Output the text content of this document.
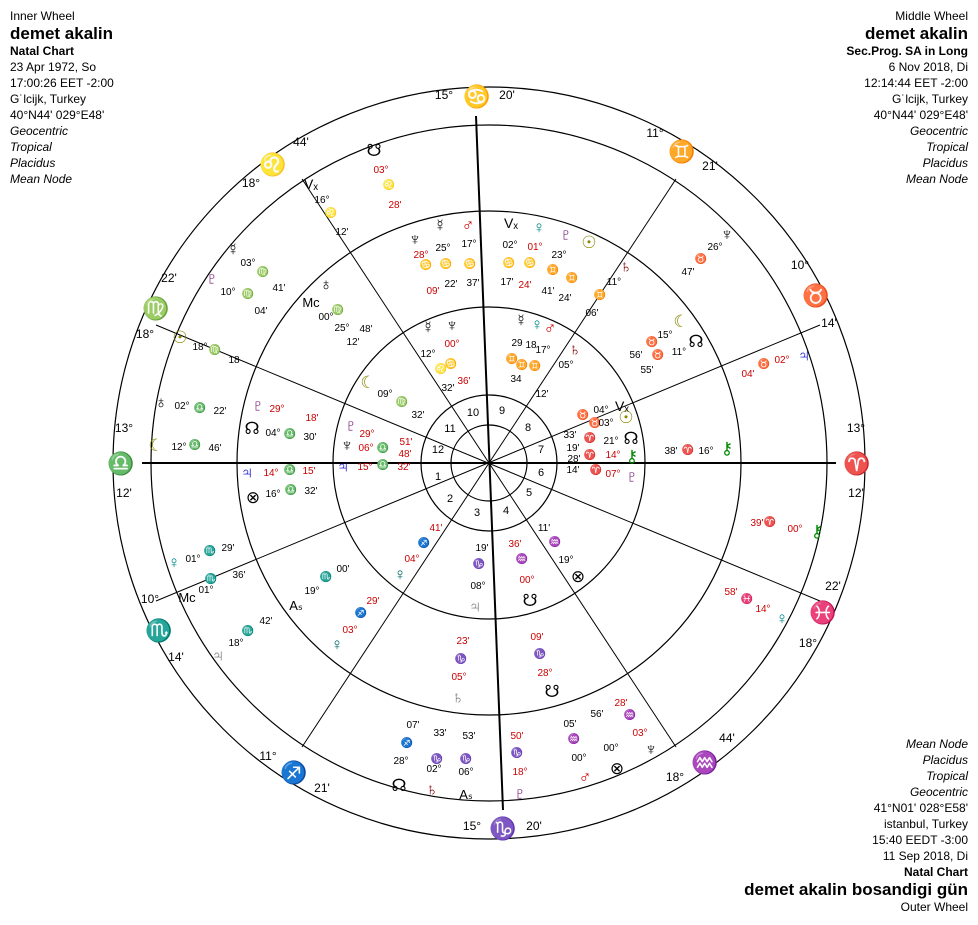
Inner Wheel
demet akalin
Natal Chart
23 Apr 1972, So
17:00:26 EET -2:00
G˙lcĳk, Turkey
40°N44' 029°E48'
Geocentric
Tropical
Placidus
Mean Node
Middle Wheel
demet akalin
Sec.Prog. SA in Long
6 Nov 2018, Di
12:14:44 EET -2:00
G˙lcĳk, Turkey
40°N44' 029°E48'
Geocentric
Tropical
Placidus
Mean Node
Mean Node
Placidus
Tropical
Geocentric
41°N01' 028°E58'
istanbul, Turkey
15:40 EEDT -3:00
11 Sep 2018, Di
Natal Chart
demet akalin bosandigi gün
Outer Wheel
15° ♋ 20'
11°
♊
21'
10°
♉
14'
13°
♈
12'
22'
♓
18°
44'
♒
18°
15° ♑ 20'
11°
♐
21'
10°
♏
14'
13°
♎
12'
22'
♍
18°
44'
♌
18°
1
2
3 4
5
6
7
8
9
10
11
12
☋
Vₓ
☿
♇
☉
♁
☾
♀
Mᴄ
♃
☊ ♄ Aₛ ♇
♂ ⊗
♆
⚷
♀
♃
♆
♆
☿ ♂ Vₓ ♀ ♇ ☉
♄
☾
☊
♁
Mᴄ
☾
♇
☊
♃
⊗
Aₛ
♀
⚷
☋
♄
☿ ♆	☿ ♀ ♂
♄
Vₓ
☉
☊
⚷
♇
♆
♃
♇
♀
♃ ☋
⊗
♌
♌
♋ ♋ ♋	♋ ♋
♊
♊
♊
♍
♍
♍
♍
♎
♎
♎
♎
♎
♎
♎
♏
♏	♏
♏
♈
♈
♈
♈
♈
♉
♉
♉
♉
♉
♉
♊
♊ ♊
♋
♌
♍
♓
♒
♒
♒
♒
♑
♑	♑
♑ ♑
♑
♐
♐
♐
03°
28'
16°
12'
41'
03°
10°
04'
18°
18
02° 22'
12° 46'
01°
29'
01°
36'
42'
18°
25° 17°
28°
09'
22' 37'
02° 01°
17' 24'
23°
41'
24'
11°
06'
26°
47'
15°
56'
55'
11°
04'
02°
25°
00°
48'
12'
12°
00°
36'
32'
29 18
17°
05°
34
12'
09°
32'
29°
18'
04° 30'	29°
51'
06°
48'
15° 32'
14° 15'
16° 32'
04°
03°
33'
21°
19'
28' 14°
14'	07°
38' 16°
39'
00°
58'
14°
19°
11'
36'
00°
19'
08°
41'
04°
19°
00'
29'
03°
23'
05°
09'
28°
28'
56'
03°
05'
00°
00°
07'
33' 53'
28°
02° 06°
50'
18°
